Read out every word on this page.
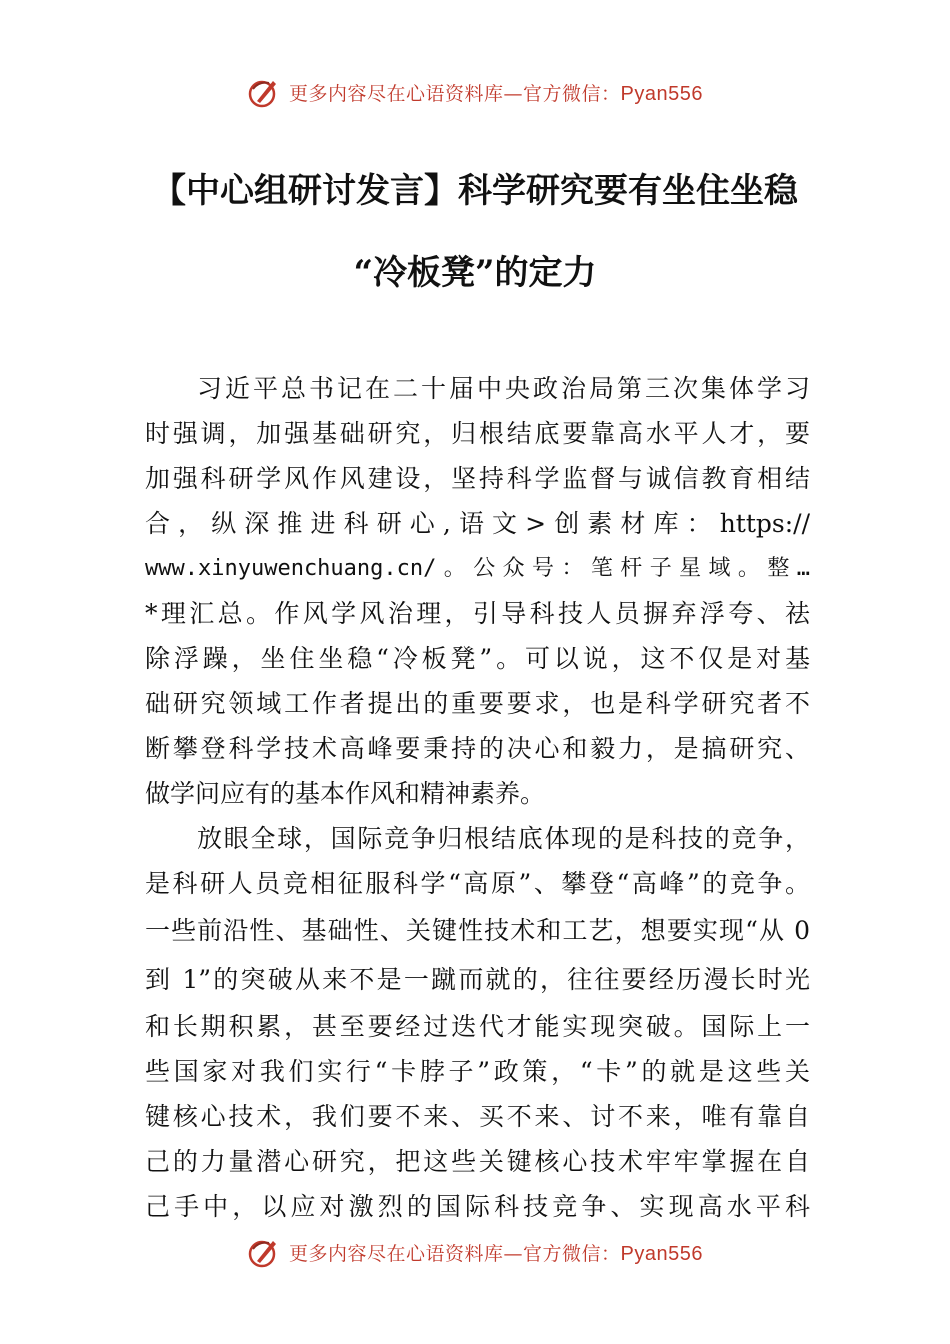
更多内容尽在心语资料库—官方微信：Pyan556
【中心组研讨发言】科学研究要有坐住坐稳
“冷板凳”的定力
习近平总书记在二十届中央政治局第三次集体学习
时强调，加强基础研究，归根结底要靠高水平人才，要
加强科研学风作风建设，坚持科学监督与诚信教育相结
合，纵深推进科研心,语文>创素材库：https://
www.xinyuwenchuang.cn/。公众号：笔杆子星域。整…
*理汇总。作风学风治理，引导科技人员摒弃浮夸、祛
除浮躁，坐住坐稳“冷板凳”。可以说，这不仅是对基
础研究领域工作者提出的重要要求，也是科学研究者不
断攀登科学技术高峰要秉持的决心和毅力，是搞研究、
做学问应有的基本作风和精神素养。
放眼全球，国际竞争归根结底体现的是科技的竞争，
是科研人员竞相征服科学“高原”、攀登“高峰”的竞争。
一些前沿性、基础性、关键性技术和工艺，想要实现“从 0
到 1”的突破从来不是一蹴而就的，往往要经历漫长时光
和长期积累，甚至要经过迭代才能实现突破。国际上一
些国家对我们实行“卡脖子”政策，“卡”的就是这些关
键核心技术，我们要不来、买不来、讨不来，唯有靠自
己的力量潜心研究，把这些关键核心技术牢牢掌握在自
己手中，以应对激烈的国际科技竞争、实现高水平科
更多内容尽在心语资料库—官方微信：Pyan556
